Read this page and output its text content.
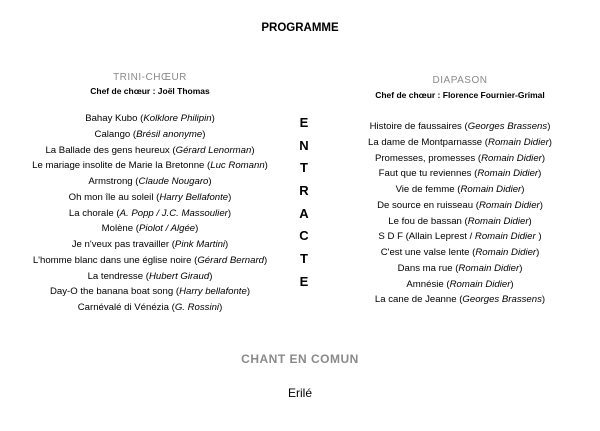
PROGRAMME
TRINI-CHŒUR
Chef de chœur : Joël Thomas
Bahay Kubo (Kolklore Philipin)
Calango (Brésil anonyme)
La Ballade des gens heureux (Gérard Lenorman)
Le mariage insolite de Marie la Bretonne (Luc Romann)
Armstrong (Claude Nougaro)
Oh mon île au soleil (Harry Bellafonte)
La chorale (A. Popp / J.C. Massoulier)
Molène (Piolot / Algée)
Je n'veux pas travailler (Pink Martini)
L'homme blanc dans une église noire (Gérard Bernard)
La tendresse (Hubert Giraud)
Day-O the banana boat song (Harry bellafonte)
Carnévalé di Vénézia (G. Rossini)
E
N
T
R
A
C
T
E
DIAPASON
Chef de chœur : Florence Fournier-Grimal
Histoire de faussaires (Georges Brassens)
La dame de Montparnasse (Romain Didier)
Promesses, promesses (Romain Didier)
Faut que tu reviennes (Romain Didier)
Vie de femme (Romain Didier)
De source en ruisseau (Romain Didier)
Le fou de bassan (Romain Didier)
S D F (Allain Leprest / Romain Didier )
C'est une valse lente (Romain Didier)
Dans ma rue (Romain Didier)
Amnésie (Romain Didier)
La cane de Jeanne (Georges Brassens)
CHANT EN COMUN
Erilé
